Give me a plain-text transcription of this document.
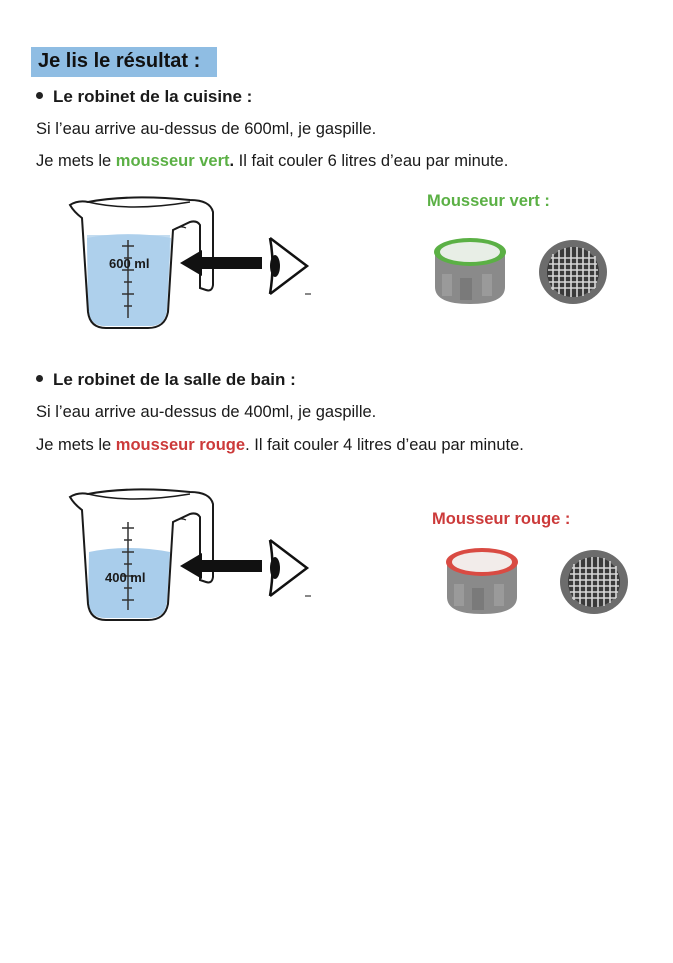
Je lis le résultat :
Le robinet de la cuisine :
Si l’eau arrive au-dessus de 600ml, je gaspille.
Je mets le mousseur vert. Il fait couler 6 litres d’eau par minute.
600 ml
Mousseur vert :
Le robinet de la salle de bain :
Si l’eau arrive au-dessus de 400ml, je gaspille.
Je mets le mousseur rouge. Il fait couler 4 litres d’eau par minute.
400 ml
Mousseur rouge :
